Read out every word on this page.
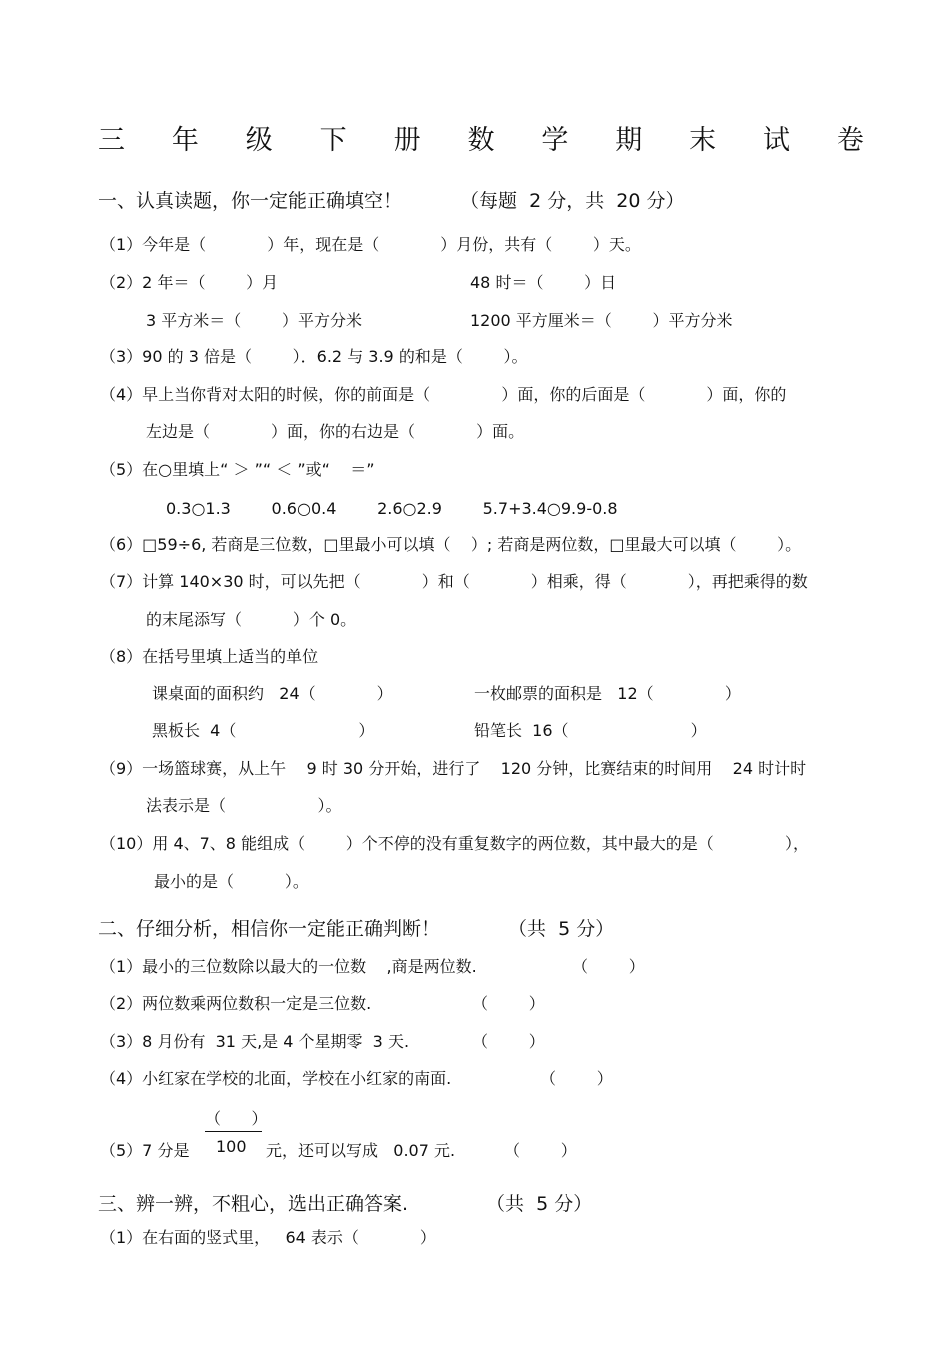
三 年 级 下 册 数 学 期 末 试 卷
一、认真读题，你一定能正确填空！	（每题  2 分，共  20 分）
（1）今年是（            ）年，现在是（            ）月份，共有（        ）天。
（2）2 年＝（        ）月	48 时＝（        ）日
3 平方米＝（        ）平方分米	1200 平方厘米＝（        ）平方分米
（3）90 的 3 倍是（        ）．6.2 与 3.9 的和是（        ）。
（4）早上当你背对太阳的时候，你的前面是（              ）面，你的后面是（            ）面，你的
左边是（            ）面，你的右边是（            ）面。
（5）在○里填上“ ＞ ”“ ＜ ”或“    ＝”
0.3○1.3        0.6○0.4        2.6○2.9        5.7+3.4○9.9-0.8
（6）□59÷6, 若商是三位数，□里最小可以填（    ）; 若商是两位数，□里最大可以填（        ）。
（7）计算 140×30 时，可以先把（            ）和（            ）相乘，得（            ），再把乘得的数
的末尾添写（          ）个 0。
（8）在括号里填上适当的单位
课桌面的面积约   24（            ）	一枚邮票的面积是   12（              ）
黑板长  4（                        ）	铅笔长  16（                        ）
（9）一场篮球赛，从上午    9 时 30 分开始，进行了    120 分钟，比赛结束的时间用    24 时计时
法表示是（                  ）。
（10）用 4、7、8 能组成（        ）个不停的没有重复数字的两位数，其中最大的是（              ），
最小的是（          ）。
二、仔细分析，相信你一定能正确判断！	（共  5 分）
（1）最小的三位数除以最大的一位数    ,商是两位数.	（        ）
（2）两位数乘两位数积一定是三位数.	（        ）
（3）8 月份有  31 天,是 4 个星期零  3 天.	（        ）
（4）小红家在学校的北面，学校在小红家的南面.	（        ）
（5）7 分是
（      ）
100 元，还可以写成   0.07 元.	（        ）
三、辨一辨，不粗心，选出正确答案.	（共  5 分）
（1）在右面的竖式里，   64 表示（            ）
